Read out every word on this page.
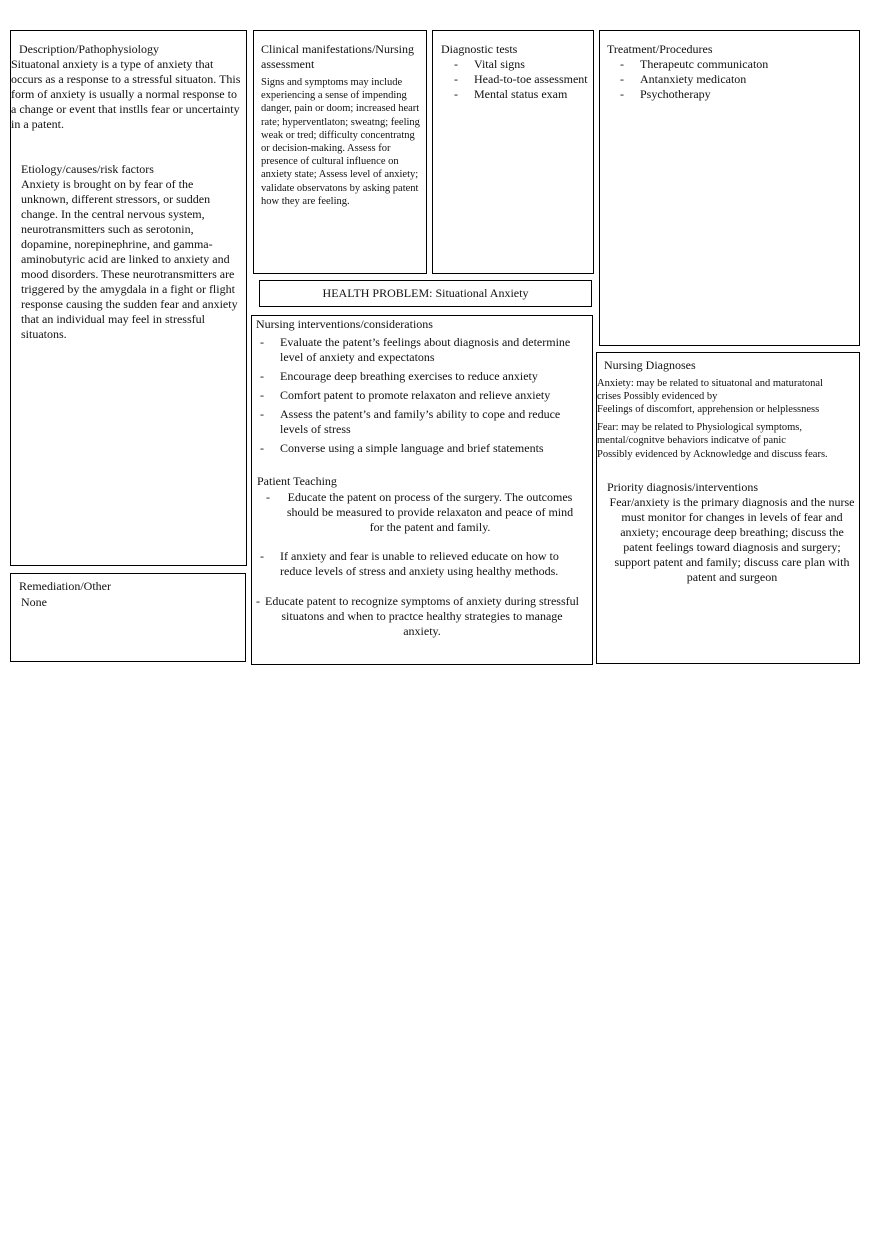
Description/Pathophysiology
Situatonal anxiety is a type of anxiety that occurs as a response to a stressful situaton. This form of anxiety is usually a normal response to a change or event that instlls fear or uncertainty in a patent.
Etiology/causes/risk factors
Anxiety is brought on by fear of the unknown, different stressors, or sudden change. In the central nervous system, neurotransmitters such as serotonin, dopamine, norepinephrine, and gamma-aminobutyric acid are linked to anxiety and mood disorders. These neurotransmitters are triggered by the amygdala in a fight or flight response causing the sudden fear and anxiety that an individual may feel in stressful situatons.
Remediation/Other
None
Clinical manifestations/Nursing assessment
Signs and symptoms may include experiencing a sense of impending danger, pain or doom; increased heart rate; hyperventlaton; sweatng; feeling weak or tred; difficulty concentratng or decision-making. Assess for presence of cultural influence on anxiety state; Assess level of anxiety; validate observatons by asking patent how they are feeling.
Diagnostic tests
- Vital signs
- Head-to-toe assessment
- Mental status exam
Treatment/Procedures
- Therapeutc communicaton
- Antanxiety medicaton
- Psychotherapy
HEALTH PROBLEM: Situational Anxiety
Nursing interventions/considerations
- Evaluate the patent’s feelings about diagnosis and determine level of anxiety and expectatons
- Encourage deep breathing exercises to reduce anxiety
- Comfort patent to promote relaxaton and relieve anxiety
- Assess the patent’s and family’s ability to cope and reduce levels of stress
- Converse using a simple language and brief statements
Patient Teaching
-	Educate the patent on process of the surgery. The outcomes should be measured to provide relaxaton and peace of mind for the patent and family.
- If anxiety and fear is unable to relieved educate on how to reduce levels of stress and anxiety using healthy methods.
- Educate patent to recognize symptoms of anxiety during stressful situatons and when to practce healthy strategies to manage anxiety.
Nursing Diagnoses
Anxiety: may be related to situatonal and maturatonal
crises Possibly evidenced by
Feelings of discomfort, apprehension or helplessness
Fear: may be related to Physiological symptoms,
mental/cognitve behaviors indicatve of panic
Possibly evidenced by Acknowledge and discuss fears.
Priority diagnosis/interventions
Fear/anxiety is the primary diagnosis and the nurse must monitor for changes in levels of fear and anxiety; encourage deep breathing; discuss the patent feelings toward diagnosis and surgery; support patent and family; discuss care plan with patent and surgeon
